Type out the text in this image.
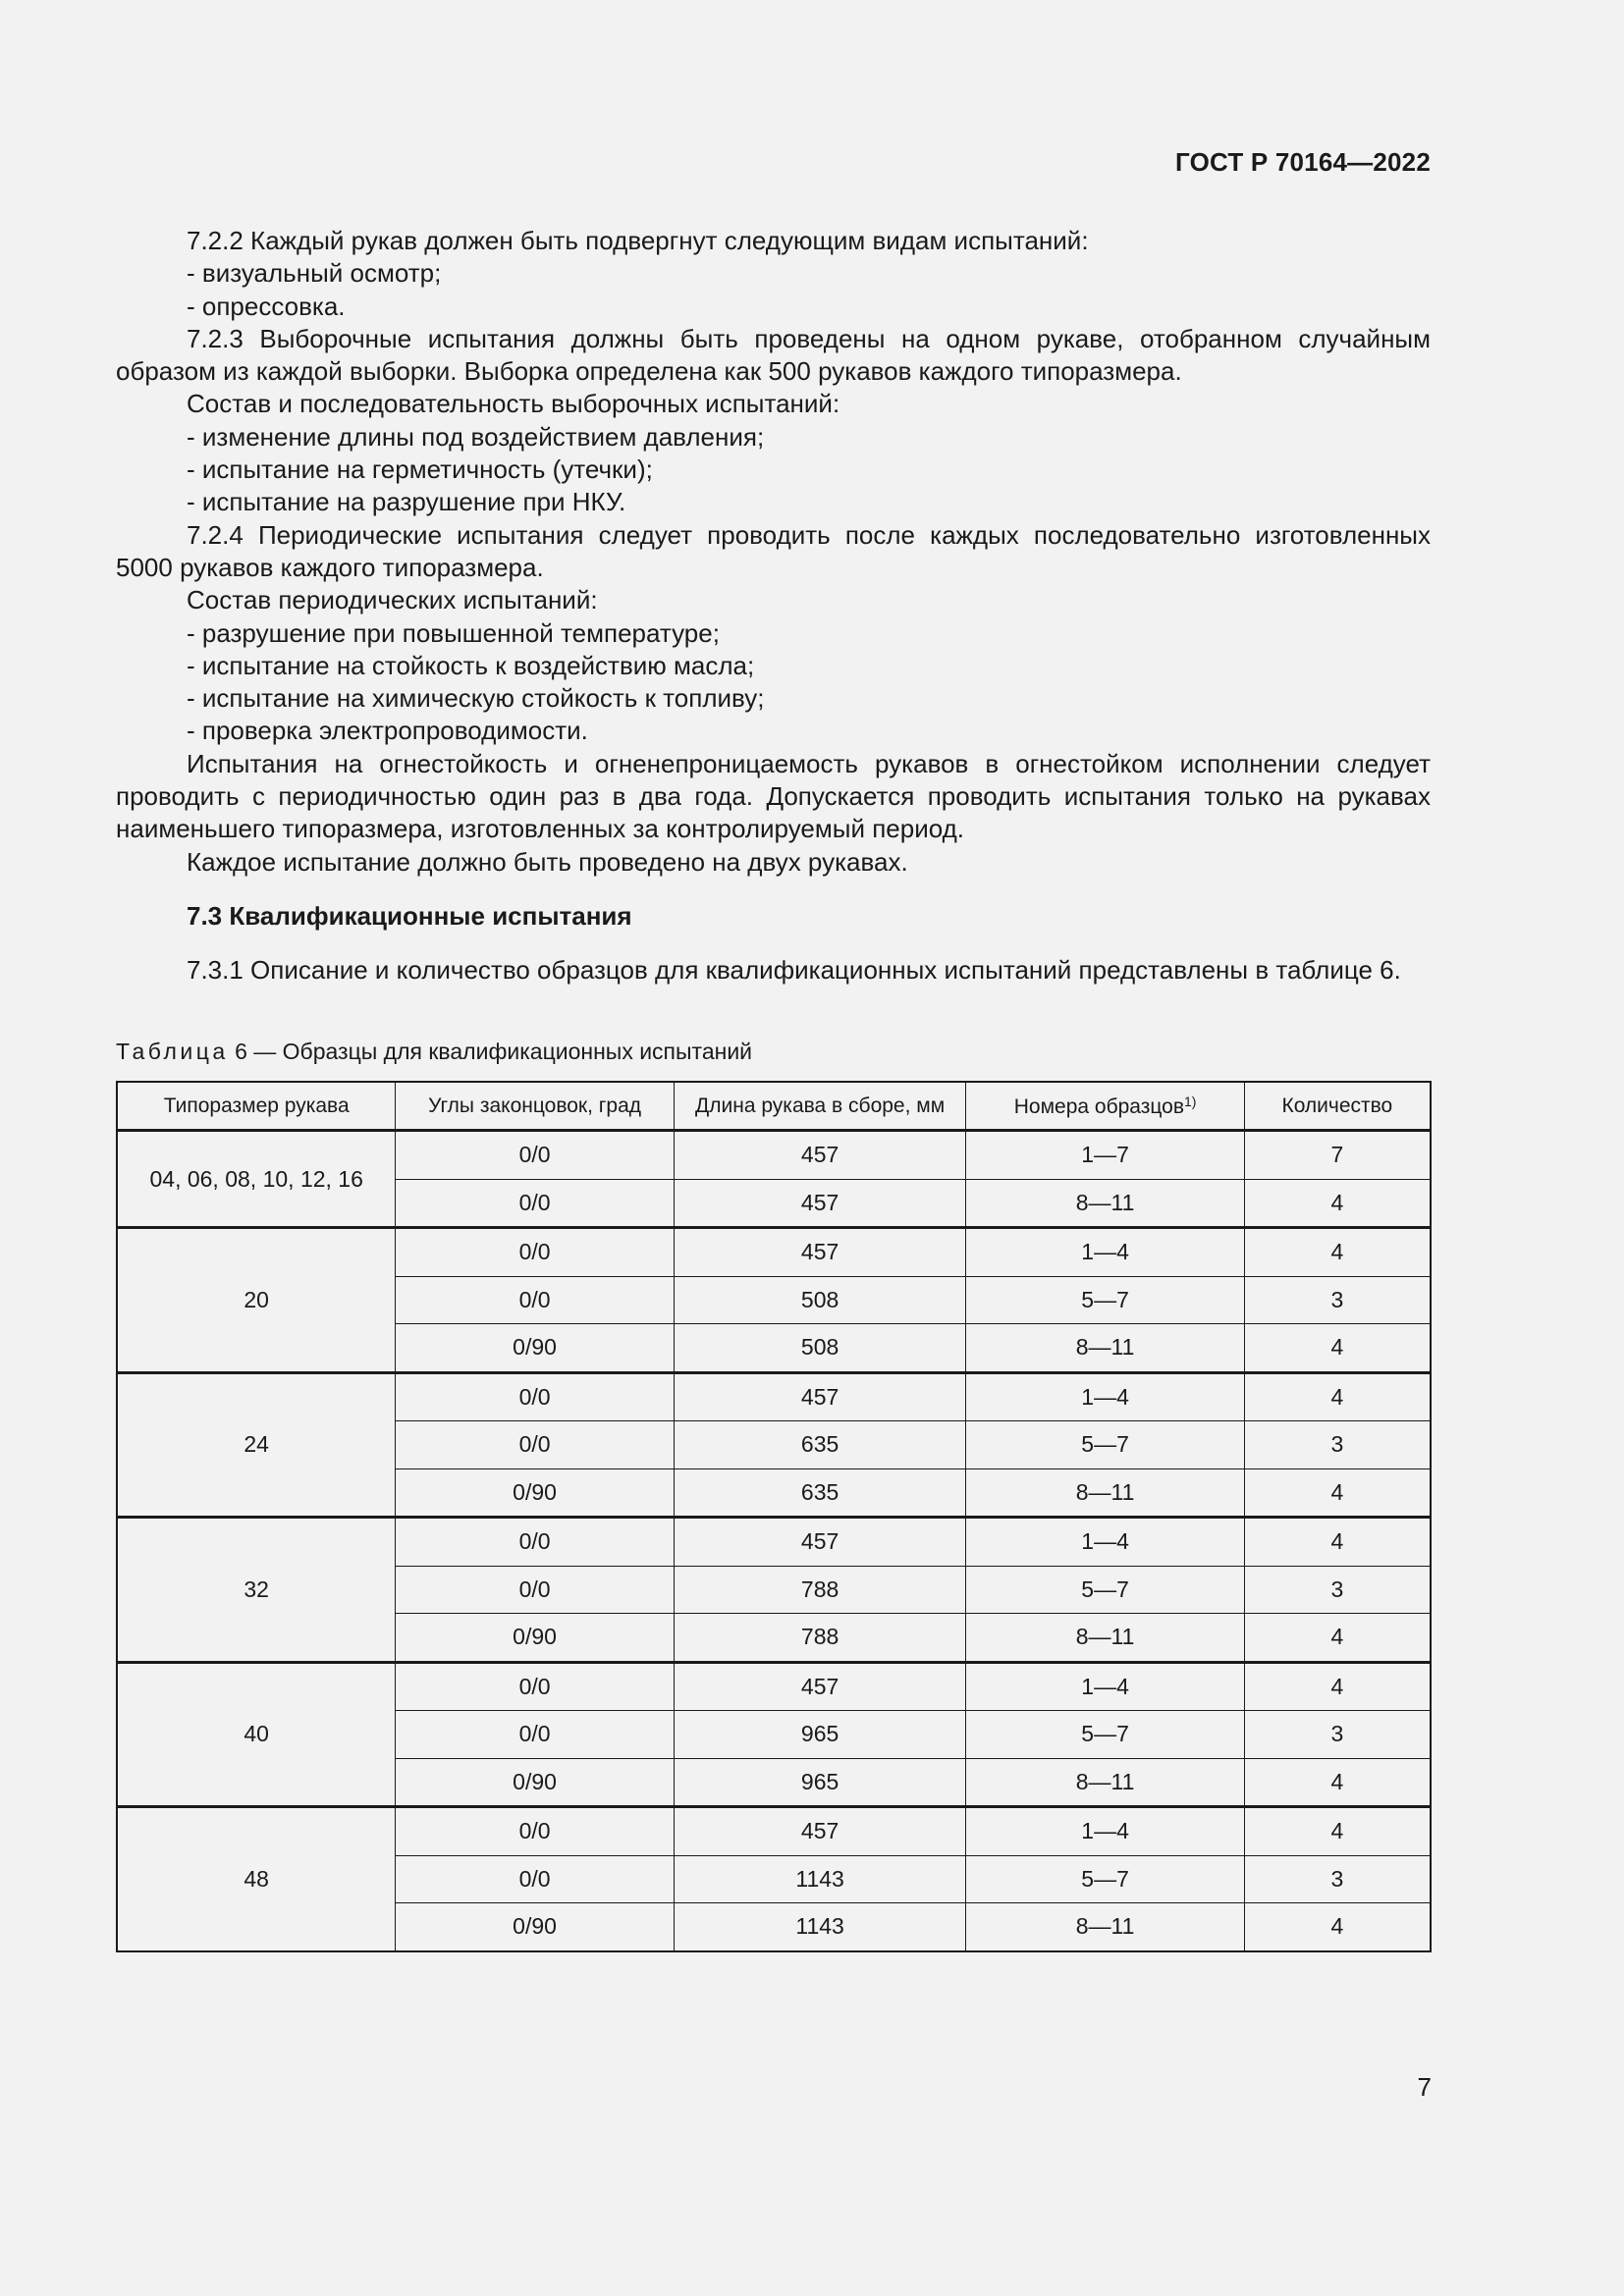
ГОСТ Р 70164—2022

7.2.2 Каждый рукав должен быть подвергнут следующим видам испытаний:

- визуальный осмотр;

- опрессовка.

7.2.3 Выборочные испытания должны быть проведены на одном рукаве, отобранном случайным образом из каждой выборки. Выборка определена как 500 рукавов каждого типоразмера.

Состав и последовательность выборочных испытаний:

- изменение длины под воздействием давления;

- испытание на герметичность (утечки);

- испытание на разрушение при НКУ.

7.2.4 Периодические испытания следует проводить после каждых последовательно изготовленных 5000 рукавов каждого типоразмера.

Состав периодических испытаний:

- разрушение при повышенной температуре;

- испытание на стойкость к воздействию масла;

- испытание на химическую стойкость к топливу;

- проверка электропроводимости.

Испытания на огнестойкость и огненепроницаемость рукавов в огнестойком исполнении следует проводить с периодичностью один раз в два года. Допускается проводить испытания только на рукавах наименьшего типоразмера, изготовленных за контролируемый период.

Каждое испытание должно быть проведено на двух рукавах.

7.3 Квалификационные испытания

7.3.1 Описание и количество образцов для квалификационных испытаний представлены в таблице 6.

Таблица 6 — Образцы для квалификационных испытаний
Типоразмер рукава	Углы законцовок, град	Длина рукава в сборе, мм	Номера образцов$^{1)}$	Количество
04, 06, 08, 10, 12, 16	0/0	457	1—7	7
	0/0	457	8—11	4
20	0/0	457	1—4	4
	0/0	508	5—7	3
	0/90	508	8—11	4
24	0/0	457	1—4	4
	0/0	635	5—7	3
	0/90	635	8—11	4
32	0/0	457	1—4	4
	0/0	788	5—7	3
	0/90	788	8—11	4
40	0/0	457	1—4	4
	0/0	965	5—7	3
	0/90	965	8—11	4
48	0/0	457	1—4	4
	0/0	1143	5—7	3
	0/90	1143	8—11	4
7
